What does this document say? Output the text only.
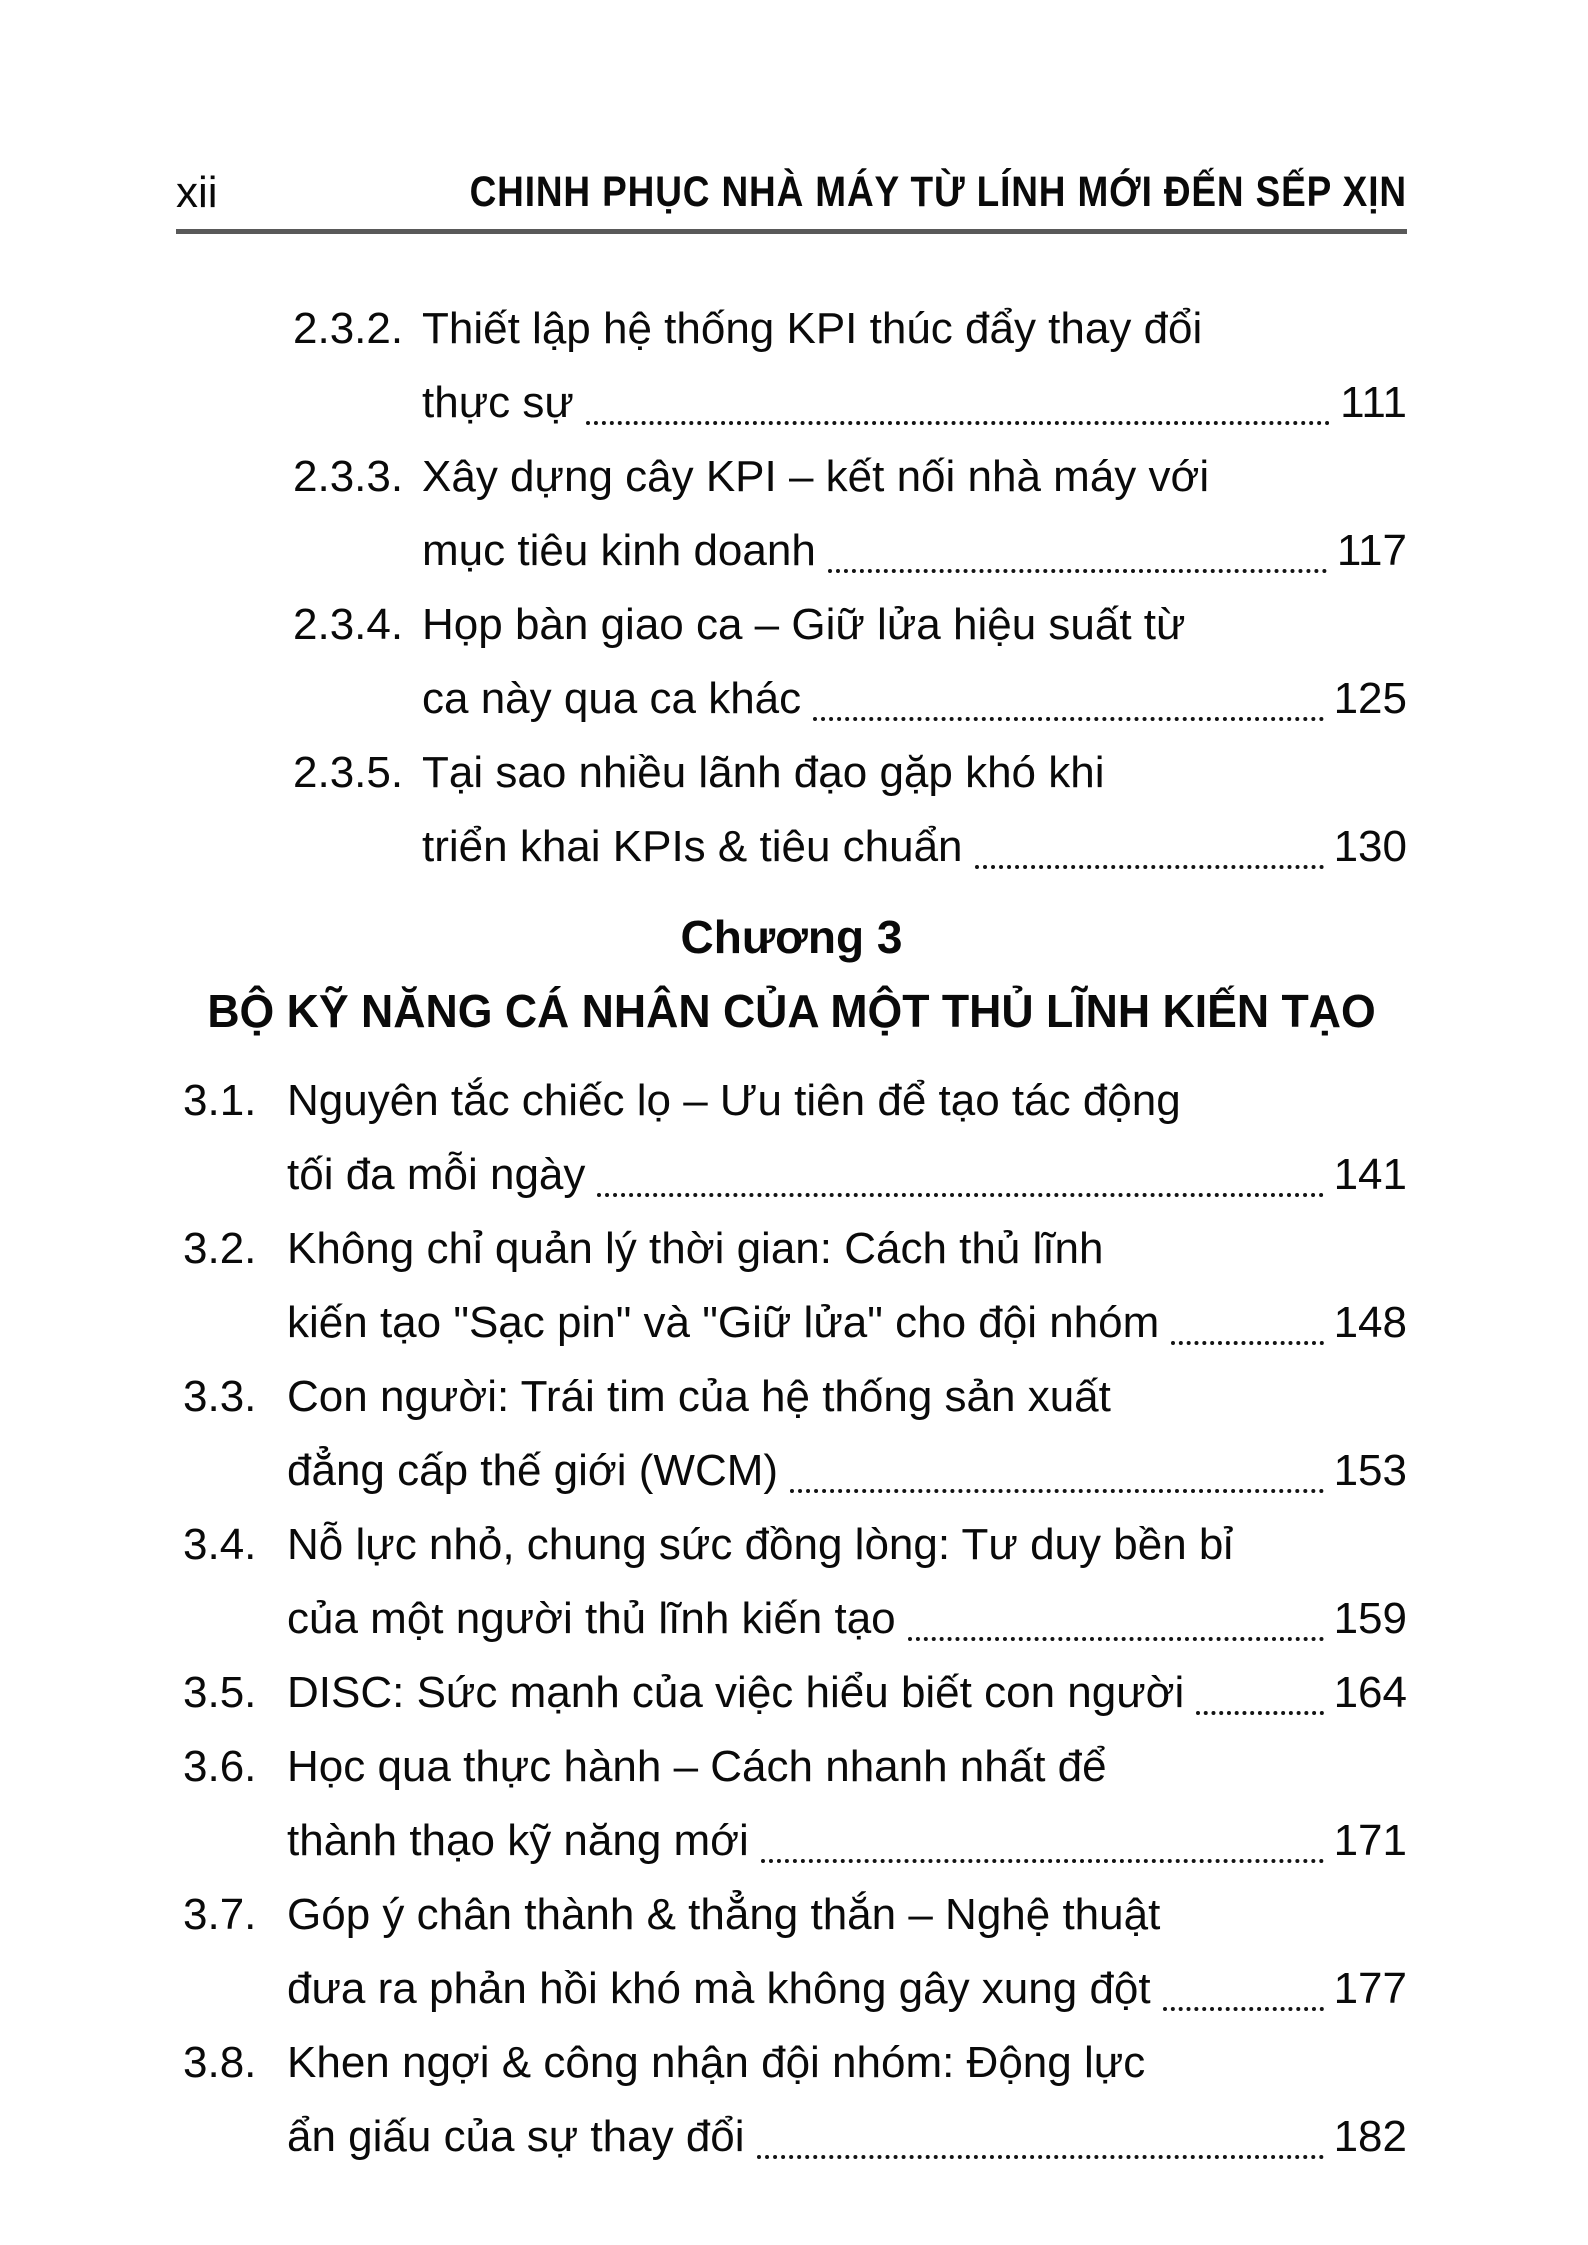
xii	CHINH PHỤC NHÀ MÁY TỪ LÍNH MỚI ĐẾN SẾP XỊN
2.3.2. Thiết lập hệ thống KPI thúc đẩy thay đổi
thực sự	111
2.3.3. Xây dựng cây KPI – kết nối nhà máy với
mục tiêu kinh doanh	117
2.3.4. Họp bàn giao ca – Giữ lửa hiệu suất từ
ca này qua ca khác	125
2.3.5. Tại sao nhiều lãnh đạo gặp khó khi
triển khai KPIs & tiêu chuẩn	130
Chương 3
BỘ KỸ NĂNG CÁ NHÂN CỦA MỘT THỦ LĨNH KIẾN TẠO
3.1. Nguyên tắc chiếc lọ – Ưu tiên để tạo tác động
tối đa mỗi ngày	141
3.2. Không chỉ quản lý thời gian: Cách thủ lĩnh
kiến tạo "Sạc pin" và "Giữ lửa" cho đội nhóm	148
3.3. Con người: Trái tim của hệ thống sản xuất
đẳng cấp thế giới (WCM)	153
3.4. Nỗ lực nhỏ, chung sức đồng lòng: Tư duy bền bỉ
của một người thủ lĩnh kiến tạo	159
3.5. DISC: Sức mạnh của việc hiểu biết con người	164
3.6. Học qua thực hành – Cách nhanh nhất để
thành thạo kỹ năng mới	171
3.7. Góp ý chân thành & thẳng thắn – Nghệ thuật
đưa ra phản hồi khó mà không gây xung đột	177
3.8. Khen ngợi & công nhận đội nhóm: Động lực
ẩn giấu của sự thay đổi	182
